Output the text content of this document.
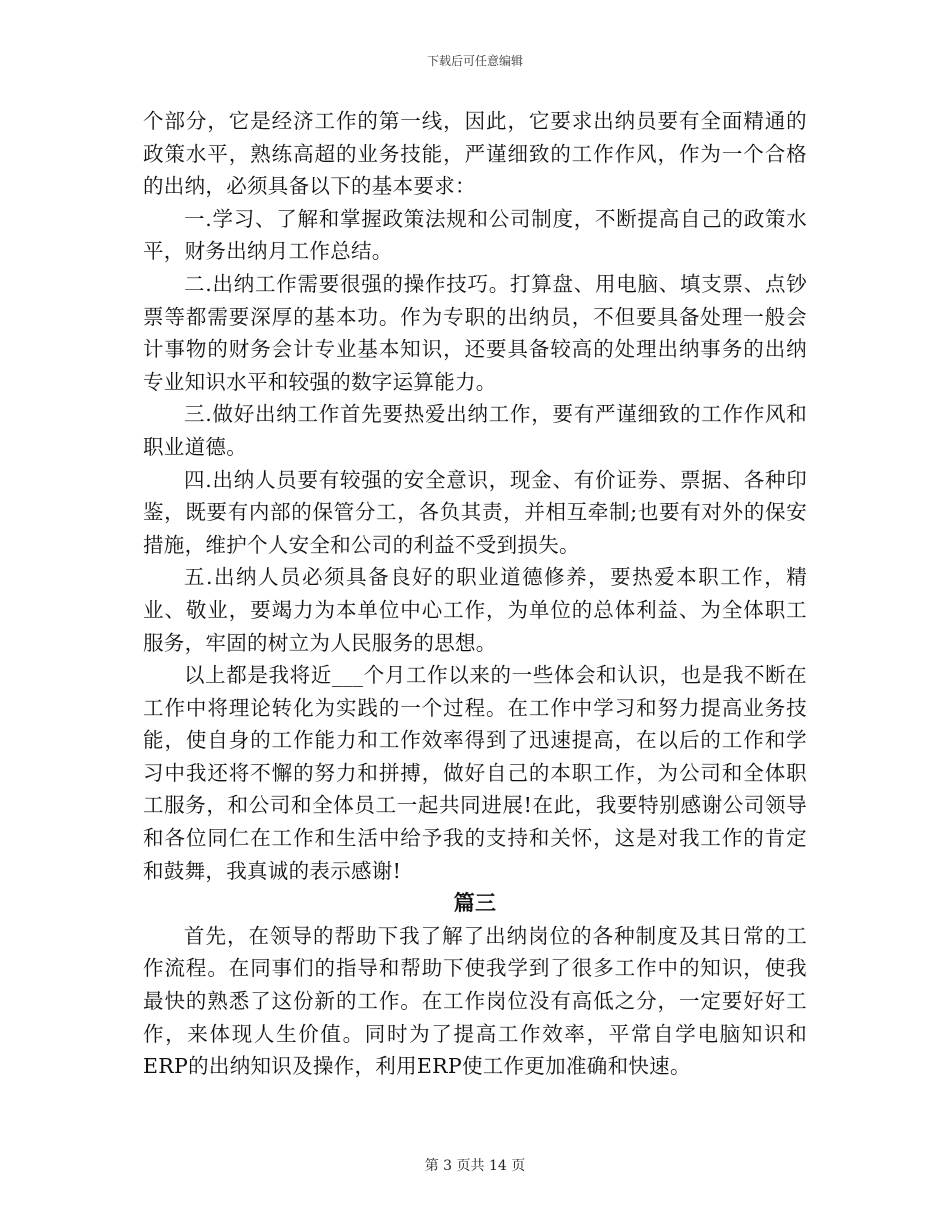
下载后可任意编辑

个部分，它是经济工作的第一线，因此，它要求出纳员要有全面精通的政策水平，熟练高超的业务技能，严谨细致的工作作风，作为一个合格的出纳，必须具备以下的基本要求：

一.学习、了解和掌握政策法规和公司制度，不断提高自己的政策水平，财务出纳月工作总结。

二.出纳工作需要很强的操作技巧。打算盘、用电脑、填支票、点钞票等都需要深厚的基本功。作为专职的出纳员，不但要具备处理一般会计事物的财务会计专业基本知识，还要具备较高的处理出纳事务的出纳专业知识水平和较强的数字运算能力。

三.做好出纳工作首先要热爱出纳工作，要有严谨细致的工作作风和职业道德。

四.出纳人员要有较强的安全意识，现金、有价证券、票据、各种印鉴，既要有内部的保管分工，各负其责，并相互牵制;也要有对外的保安措施，维护个人安全和公司的利益不受到损失。

五.出纳人员必须具备良好的职业道德修养，要热爱本职工作，精业、敬业，要竭力为本单位中心工作，为单位的总体利益、为全体职工服务，牢固的树立为人民服务的思想。

以上都是我将近___个月工作以来的一些体会和认识，也是我不断在工作中将理论转化为实践的一个过程。在工作中学习和努力提高业务技能，使自身的工作能力和工作效率得到了迅速提高，在以后的工作和学习中我还将不懈的努力和拼搏，做好自己的本职工作，为公司和全体职工服务，和公司和全体员工一起共同进展!在此，我要特别感谢公司领导和各位同仁在工作和生活中给予我的支持和关怀，这是对我工作的肯定和鼓舞，我真诚的表示感谢!

篇三

首先，在领导的帮助下我了解了出纳岗位的各种制度及其日常的工作流程。在同事们的指导和帮助下使我学到了很多工作中的知识，使我最快的熟悉了这份新的工作。在工作岗位没有高低之分，一定要好好工作，来体现人生价值。同时为了提高工作效率，平常自学电脑知识和ERP的出纳知识及操作，利用ERP使工作更加准确和快速。

第 3 页共 14 页
